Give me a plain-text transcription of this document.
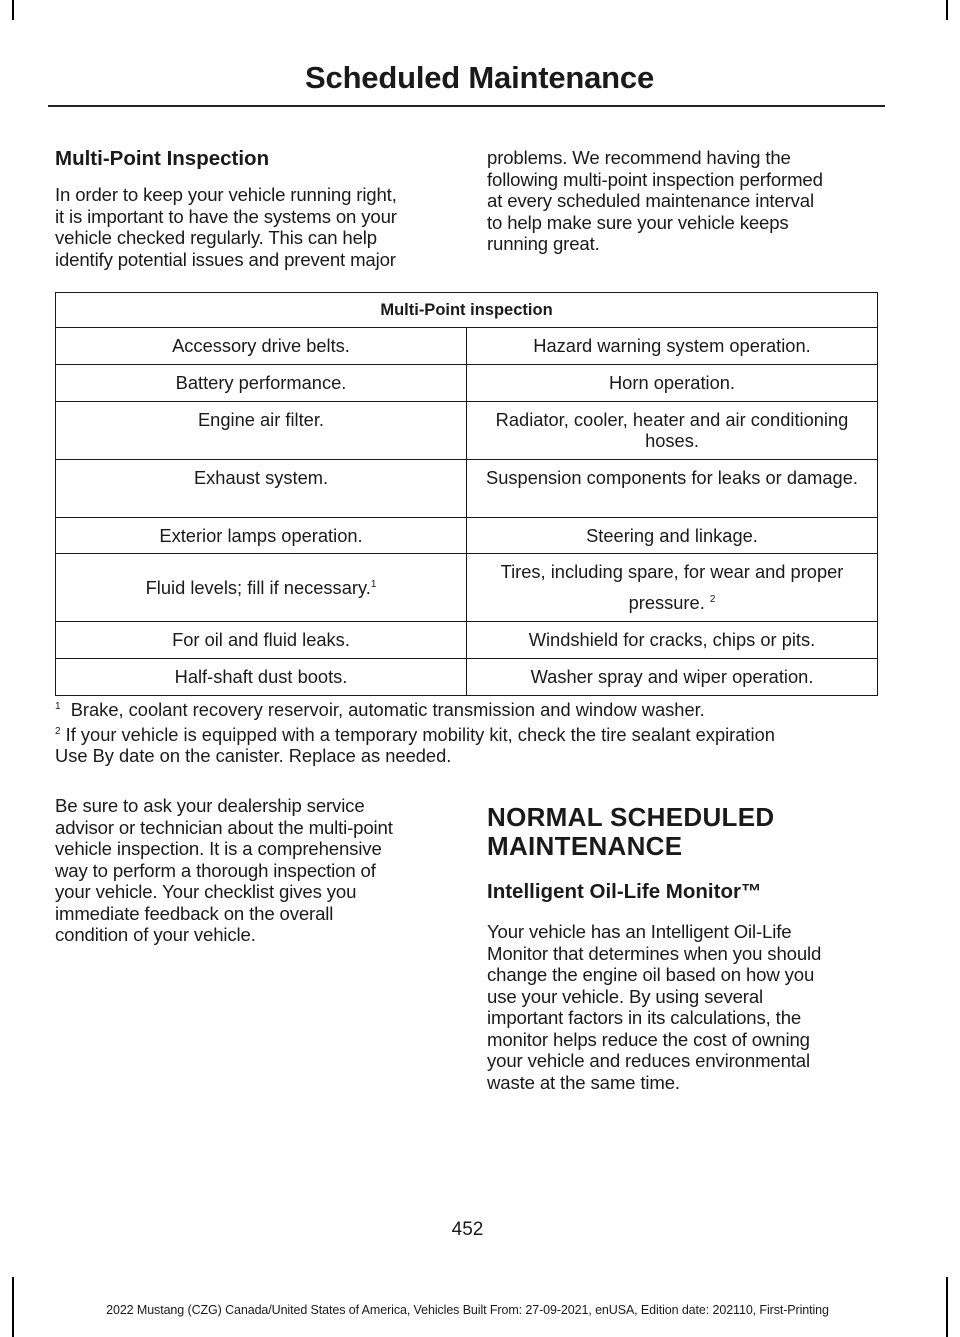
Scheduled Maintenance
Multi-Point Inspection

In order to keep your vehicle running right,
it is important to have the systems on your
vehicle checked regularly. This can help
identify potential issues and prevent major

problems. We recommend having the
following multi-point inspection performed
at every scheduled maintenance interval
to help make sure your vehicle keeps
running great.

Multi-Point inspection	
Accessory drive belts.	Hazard warning system operation.
Battery performance.	Horn operation.
Engine air filter.	Radiator, cooler, heater and air conditioning hoses.
Exhaust system.	Suspension components for leaks or damage.
Exterior lamps operation.	Steering and linkage.
Fluid levels; fill if necessary.$^1$	Tires, including spare, for wear and proper
pressure. $^2$
For oil and fluid leaks.	Windshield for cracks, chips or pits.
Half-shaft dust boots.	Washer spray and wiper operation.

$^1$ Brake, coolant recovery reservoir, automatic transmission and window washer.

$^2$ If your vehicle is equipped with a temporary mobility kit, check the tire sealant expiration
Use By date on the canister. Replace as needed.

Be sure to ask your dealership service
advisor or technician about the multi-point
vehicle inspection. It is a comprehensive
way to perform a thorough inspection of
your vehicle. Your checklist gives you
immediate feedback on the overall
condition of your vehicle.

NORMAL SCHEDULED
MAINTENANCE
Intelligent Oil-Life Monitor™

Your vehicle has an Intelligent Oil-Life
Monitor that determines when you should
change the engine oil based on how you
use your vehicle. By using several
important factors in its calculations, the
monitor helps reduce the cost of owning
your vehicle and reduces environmental
waste at the same time.

452
2022 Mustang (CZG) Canada/United States of America, Vehicles Built From: 27-09-2021, enUSA, Edition date: 202110, First-Printing
